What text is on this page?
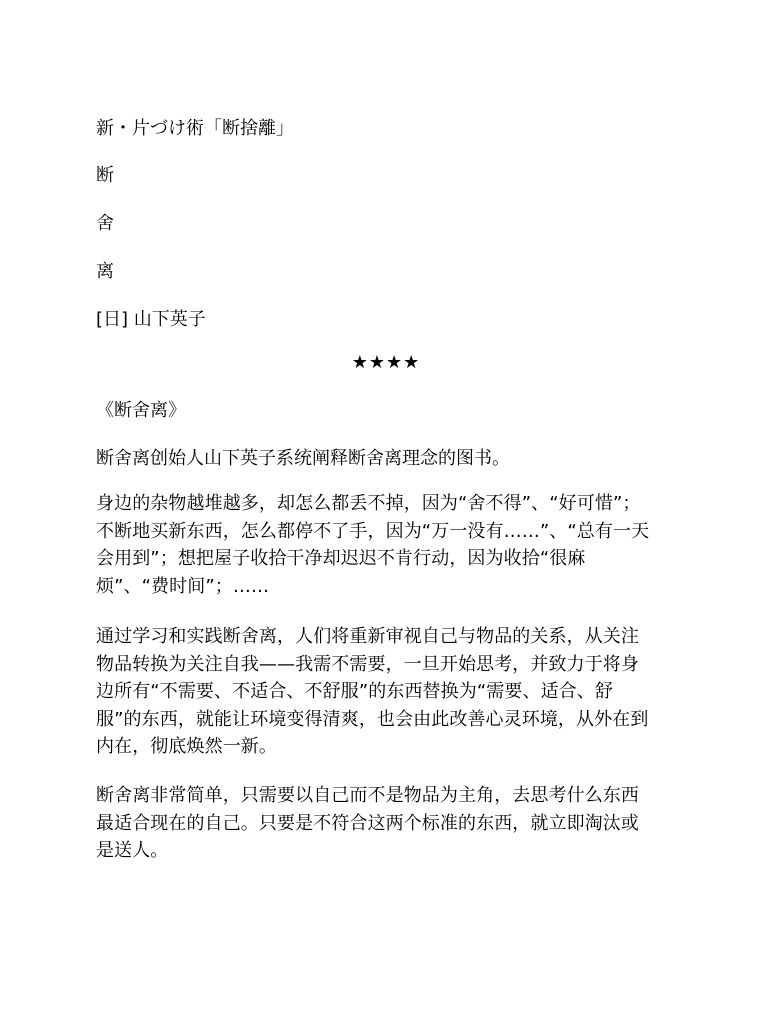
新・片づけ術「断捨離」
断
舍
离
[日] 山下英子
★★★★
《断舍离》
断舍离创始人山下英子系统阐释断舍离理念的图书。
身边的杂物越堆越多，却怎么都丢不掉，因为“舍不得”、“好可惜”；
不断地买新东西，怎么都停不了手，因为“万一没有……”、“总有一天
会用到”；想把屋子收拾干净却迟迟不肯行动，因为收拾“很麻
烦”、“费时间”；……
通过学习和实践断舍离，人们将重新审视自己与物品的关系，从关注
物品转换为关注自我——我需不需要，一旦开始思考，并致力于将身
边所有“不需要、不适合、不舒服”的东西替换为“需要、适合、舒
服”的东西，就能让环境变得清爽，也会由此改善心灵环境，从外在到
内在，彻底焕然一新。
断舍离非常简单，只需要以自己而不是物品为主角，去思考什么东西
最适合现在的自己。只要是不符合这两个标准的东西，就立即淘汰或
是送人。
